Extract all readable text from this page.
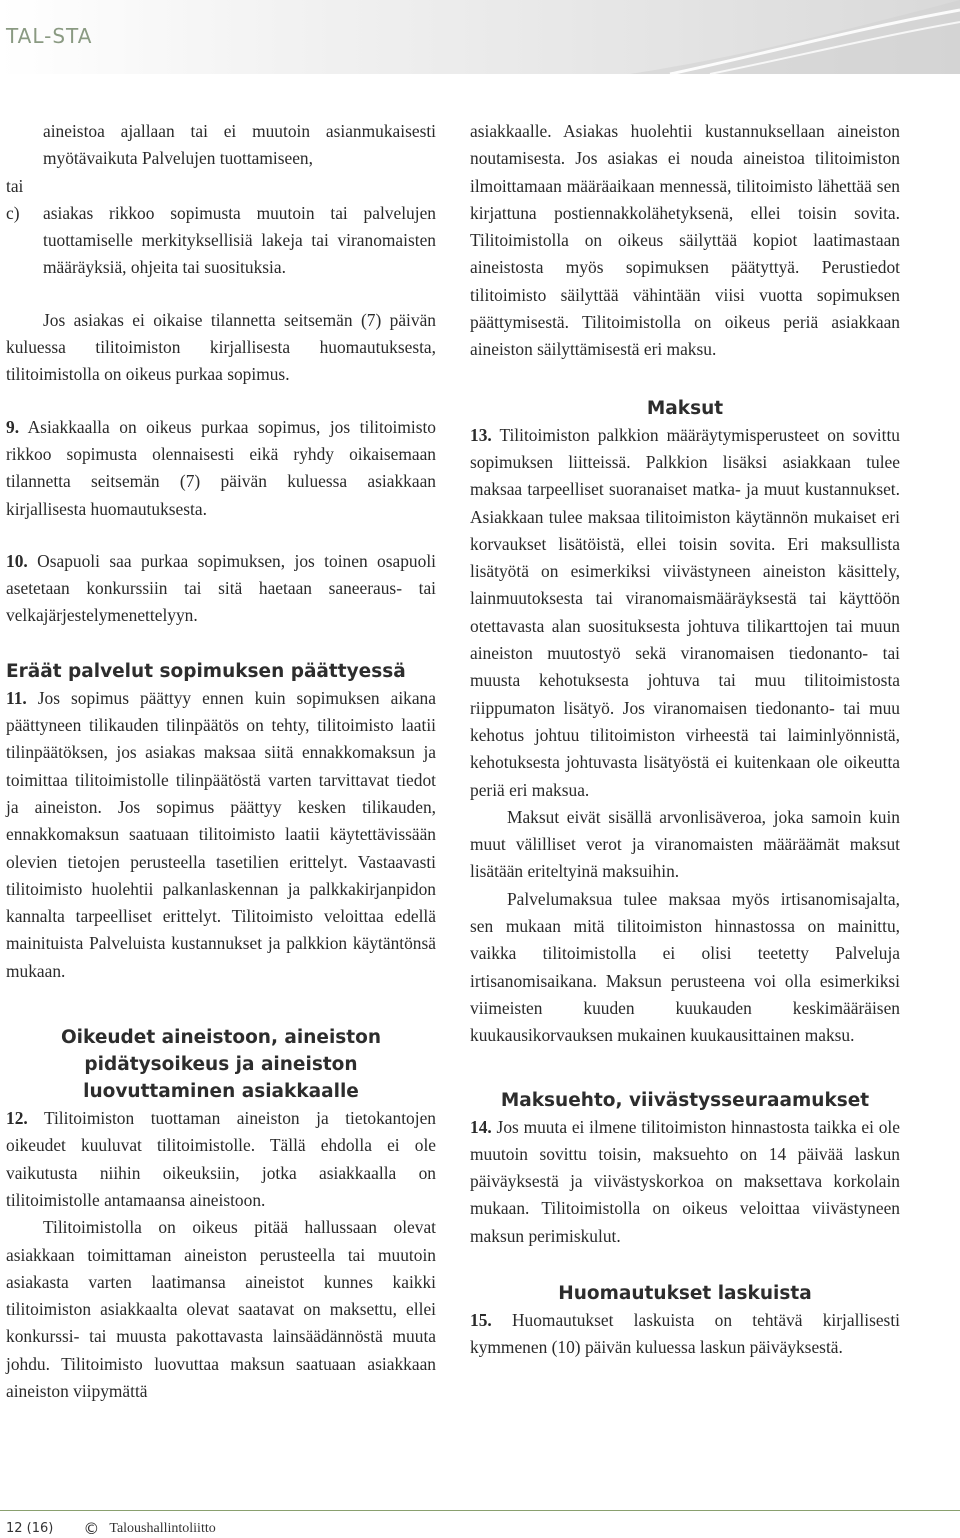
TAL-STA
aineistoa ajallaan tai ei muutoin asianmukaisesti myötävaikuta Palvelujen tuottamiseen,

tai

c)	asiakas rikkoo sopimusta muutoin tai palvelujen tuottamiselle merkityksellisiä lakeja tai viranomaisten määräyksiä, ohjeita tai suosituksia.

Jos asiakas ei oikaise tilannetta seitsemän (7) päivän kuluessa tilitoimiston kirjallisesta huomautuksesta, tilitoimistolla on oikeus purkaa sopimus.

9. Asiakkaalla on oikeus purkaa sopimus, jos tilitoimisto rikkoo sopimusta olennaisesti eikä ryhdy oikaisemaan tilannetta seitsemän (7) päivän kuluessa asiakkaan kirjallisesta huomautuksesta.

10. Osapuoli saa purkaa sopimuksen, jos toinen osapuoli asetetaan konkurssiin tai sitä haetaan saneeraus- tai velkajärjestelymenettelyyn.

Eräät palvelut sopimuksen päättyessä

11. Jos sopimus päättyy ennen kuin sopimuksen aikana päättyneen tilikauden tilinpäätös on tehty, tilitoimisto laatii tilinpäätöksen, jos asiakas maksaa siitä ennakkomaksun ja toimittaa tilitoimistolle tilinpäätöstä varten tarvittavat tiedot ja aineiston. Jos sopimus päättyy kesken tilikauden, ennakkomaksun saatuaan tilitoimisto laatii käytettävissään olevien tietojen perusteella tasetilien erittelyt. Vastaavasti tilitoimisto huolehtii palkanlaskennan ja palkkakirjanpidon kannalta tarpeelliset erittelyt. Tilitoimisto veloittaa edellä mainituista Palveluista kustannukset ja palkkion käytäntönsä mukaan.

Oikeudet aineistoon, aineiston pidätysoikeus ja aineiston luovuttaminen asiakkaalle

12. Tilitoimiston tuottaman aineiston ja tietokantojen oikeudet kuuluvat tilitoimistolle. Tällä ehdolla ei ole vaikutusta niihin oikeuksiin, jotka asiakkaalla on tilitoimistolle antamaansa aineistoon.

Tilitoimistolla on oikeus pitää hallussaan olevat asiakkaan toimittaman aineiston perusteella tai muutoin asiakasta varten laatimansa aineistot kunnes kaikki tilitoimiston asiakkaalta olevat saatavat on maksettu, ellei konkurssi- tai muusta pakottavasta lainsäädännöstä muuta johdu. Tilitoimisto luovuttaa maksun saatuaan asiakkaan aineiston viipymättä

asiakkaalle. Asiakas huolehtii kustannuksellaan aineiston noutamisesta. Jos asiakas ei nouda aineistoa tilitoimiston ilmoittamaan määräaikaan mennessä, tilitoimisto lähettää sen kirjattuna postiennakkolähetyksenä, ellei toisin sovita. Tilitoimistolla on oikeus säilyttää kopiot laatimastaan aineistosta myös sopimuksen päätyttyä. Perustiedot tilitoimisto säilyttää vähintään viisi vuotta sopimuksen päättymisestä. Tilitoimistolla on oikeus periä asiakkaan aineiston säilyttämisestä eri maksu.

Maksut

13. Tilitoimiston palkkion määräytymisperusteet on sovittu sopimuksen liitteissä. Palkkion lisäksi asiakkaan tulee maksaa tarpeelliset suoranaiset matka- ja muut kustannukset. Asiakkaan tulee maksaa tilitoimiston käytännön mukaiset eri korvaukset lisätöistä, ellei toisin sovita. Eri maksullista lisätyötä on esimerkiksi viivästyneen aineiston käsittely, lainmuutoksesta tai viranomaismääräyksestä tai käyttöön otettavasta alan suosituksesta johtuva tilikarttojen tai muun aineiston muutostyö sekä viranomaisen tiedonanto- tai muusta kehotuksesta johtuva tai muu tilitoimistosta riippumaton lisätyö. Jos viranomaisen tiedonanto- tai muu kehotus johtuu tilitoimiston virheestä tai laiminlyönnistä, kehotuksesta johtuvasta lisätyöstä ei kuitenkaan ole oikeutta periä eri maksua.

Maksut eivät sisällä arvonlisäveroa, joka samoin kuin muut välilliset verot ja viranomaisten määräämät maksut lisätään eriteltyinä maksuihin.

Palvelumaksua tulee maksaa myös irtisanomisajalta, sen mukaan mitä tilitoimiston hinnastossa on mainittu, vaikka tilitoimistolla ei olisi teetetty Palveluja irtisanomisaikana. Maksun perusteena voi olla esimerkiksi viimeisten kuuden kuukauden keskimääräisen kuukausikorvauksen mukainen kuukausittainen maksu.

Maksuehto, viivästysseuraamukset

14. Jos muuta ei ilmene tilitoimiston hinnastosta taikka ei ole muutoin sovittu toisin, maksuehto on 14 päivää laskun päiväyksestä ja viivästyskorkoa on maksettava korkolain mukaan. Tilitoimistolla on oikeus veloittaa viivästyneen maksun perimiskulut.

Huomautukset laskuista

15. Huomautukset laskuista on tehtävä kirjallisesti kymmenen (10) päivän kuluessa laskun päiväyksestä.

12 (16) © Taloushallintoliitto
